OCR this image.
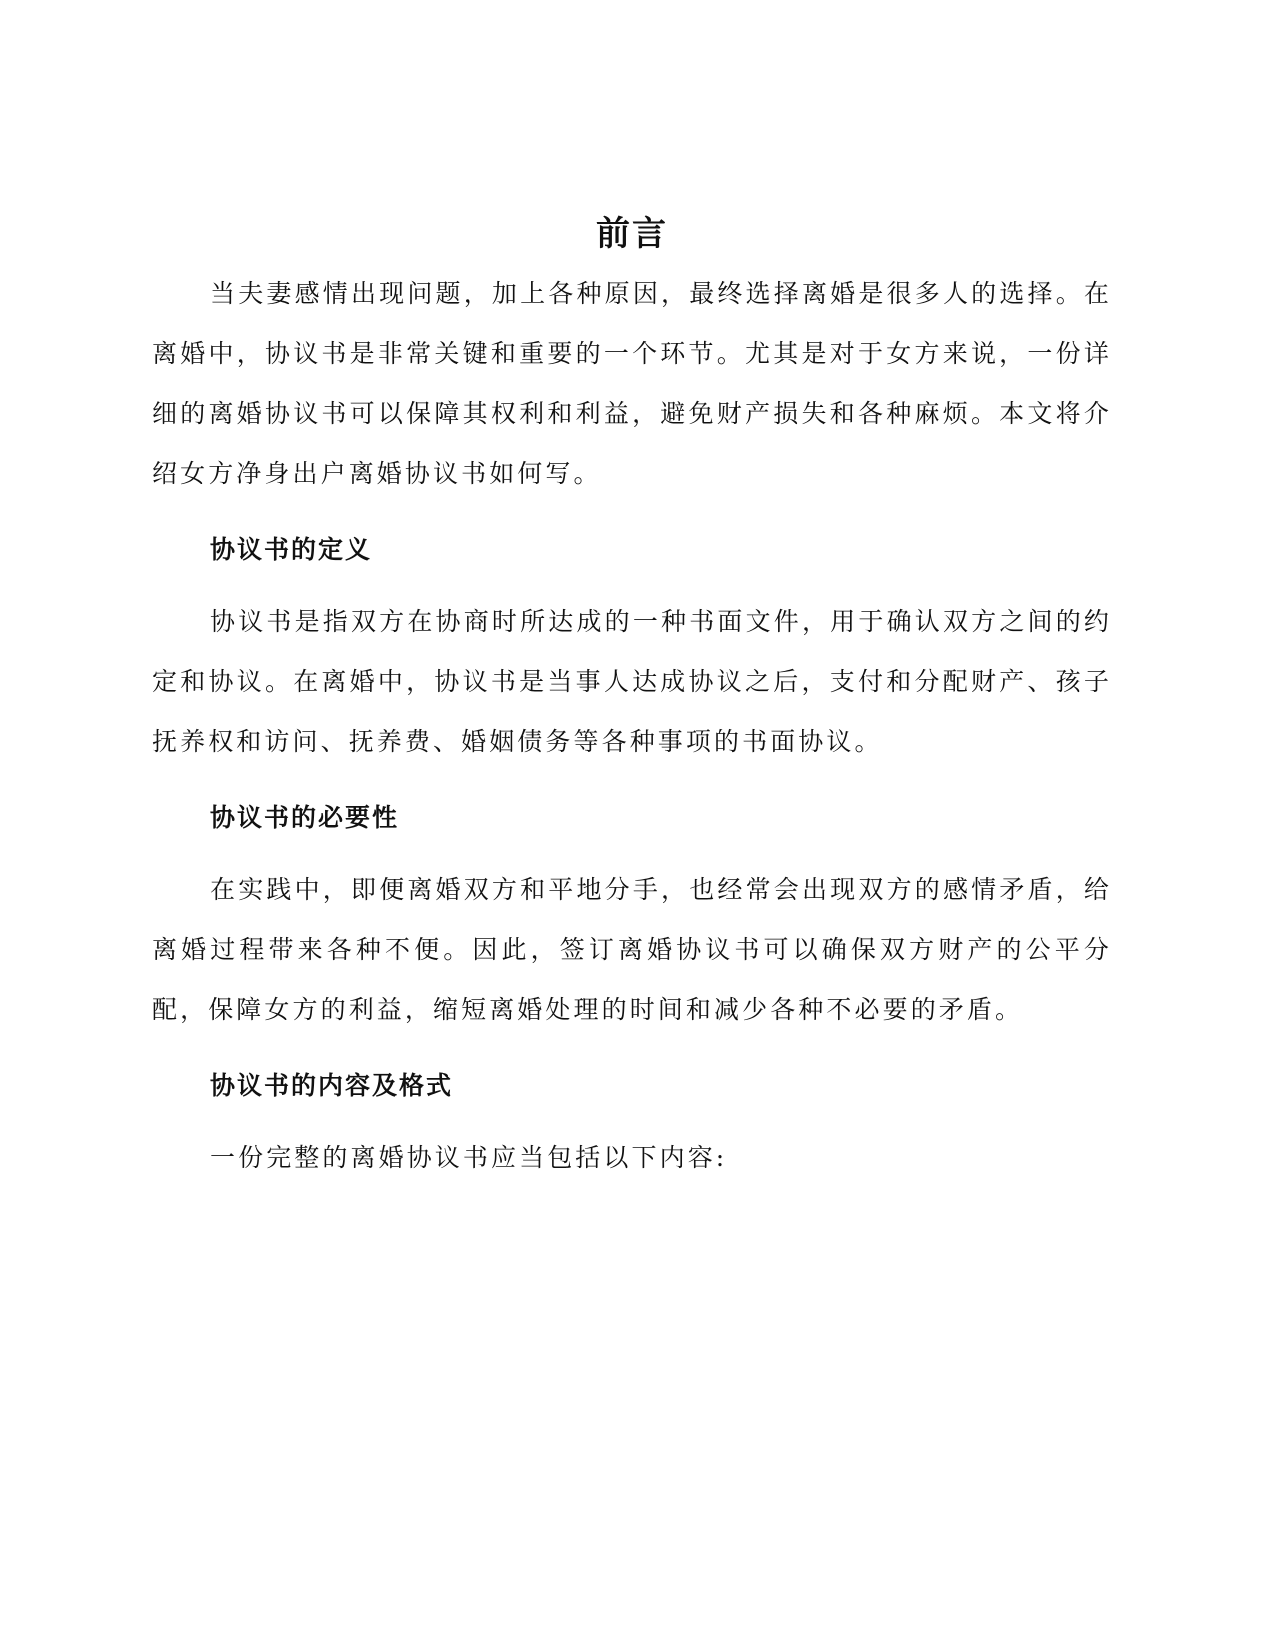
前言

当夫妻感情出现问题，加上各种原因，最终选择离婚是很多人的选择。在离婚中，协议书是非常关键和重要的一个环节。尤其是对于女方来说，一份详细的离婚协议书可以保障其权利和利益，避免财产损失和各种麻烦。本文将介绍女方净身出户离婚协议书如何写。

协议书的定义

协议书是指双方在协商时所达成的一种书面文件，用于确认双方之间的约定和协议。在离婚中，协议书是当事人达成协议之后，支付和分配财产、孩子抚养权和访问、抚养费、婚姻债务等各种事项的书面协议。

协议书的必要性

在实践中，即便离婚双方和平地分手，也经常会出现双方的感情矛盾，给离婚过程带来各种不便。因此，签订离婚协议书可以确保双方财产的公平分配，保障女方的利益，缩短离婚处理的时间和减少各种不必要的矛盾。

协议书的内容及格式

一份完整的离婚协议书应当包括以下内容:
